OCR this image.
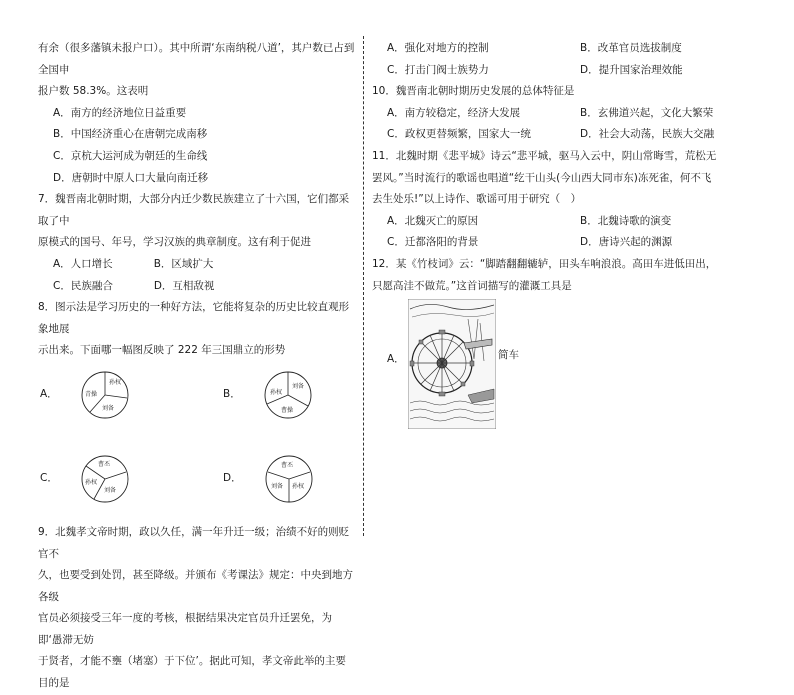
有余（很多藩镇未报户口）。其中所谓‘东南纳税八道’，其户数已占到全国申

报户数 58.3%。这表明

A．南方的经济地位日益重要

B．中国经济重心在唐朝完成南移

C．京杭大运河成为朝廷的生命线

D．唐朝时中原人口大量向南迁移

7．魏晋南北朝时期，大部分内迁少数民族建立了十六国，它们都采取了中

原模式的国号、年号，学习汉族的典章制度。这有利于促进

A．人口增长	B．区域扩大
C．民族融合	D．互相敌视

8．图示法是学习历史的一种好方法，它能将复杂的历史比较直观形象地展

示出来。下面哪一幅图反映了 222 年三国鼎立的形势

A．
孙权
青操
刘备
B．
刘备
孙权
曹操
C．
曹丕
孙权
刘备
D．
曹丕
刘备 孙权

9．北魏孝文帝时期，政以久任，满一年升迁一级；治绩不好的则贬官不

久，也要受到处罚，甚至降级。并颁布《考课法》规定：中央到地方各级

官员必须接受三年一度的考核，根据结果决定官员升迁罢免，为即‘愚滞无妨

于贤者，才能不壅（堵塞）于下位’。据此可知，孝文帝此举的主要目的是

A．强化对地方的控制	B．改革官员选拔制度
C．打击门阀士族势力	D．提升国家治理效能

10．魏晋南北朝时期历史发展的总体特征是

A．南方较稳定，经济大发展	B．玄佛道兴起，文化大繁荣
C．政权更替频繁，国家大一统	D．社会大动荡，民族大交融

11．北魏时期《悲平城》诗云“悲平城，驱马入云中，阴山常晦雪，荒松无

罢风。”当时流行的歌谣也唱道“纥干山头(今山西大同市东)冻死雀，何不飞

去生处乐!”以上诗作、歌谣可用于研究（　）

A．北魏灭亡的原因	B．北魏诗歌的演变
C．迁都洛阳的背景	D．唐诗兴起的渊源

12．某《竹枝词》云：“脚踏翻翻辘轳，田头车响浪浪。高田车进低田出，

只愿高洼不做荒。”这首词描写的灌溉工具是

A．	简车
